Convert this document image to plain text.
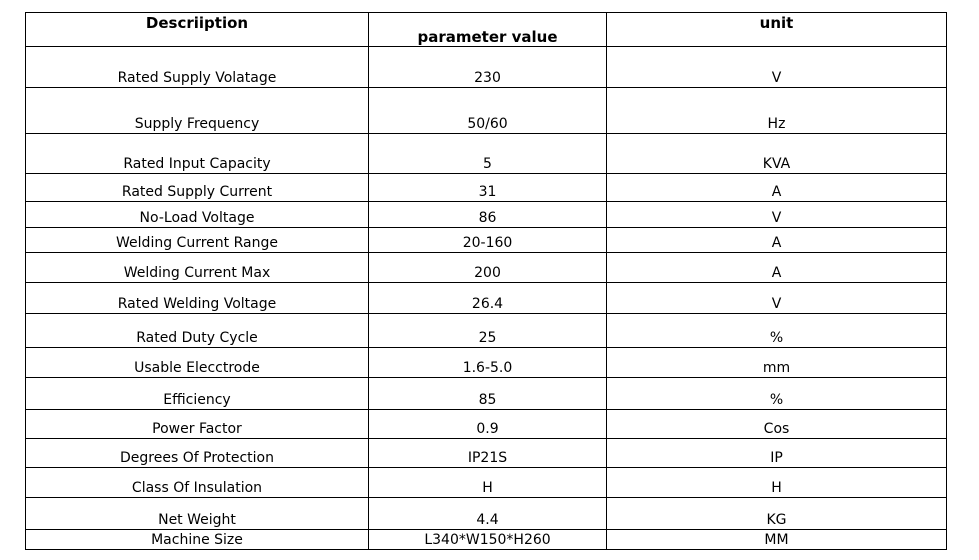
Descriiption	parameter value	unit
Rated Supply Volatage	230	V
Supply Frequency	50/60	Hz
Rated Input Capacity	5	KVA
Rated Supply Current	31	A
No-Load Voltage	86	V
Welding Current Range	20-160	A
Welding Current Max	200	A
Rated Welding Voltage	26.4	V
Rated Duty Cycle	25	%
Usable Elecctrode	1.6-5.0	mm
Efficiency	85	%
Power Factor	0.9	Cos
Degrees Of Protection	IP21S	IP
Class Of Insulation	H	H
Net Weight	4.4	KG
Machine Size	L340*W150*H260	MM
